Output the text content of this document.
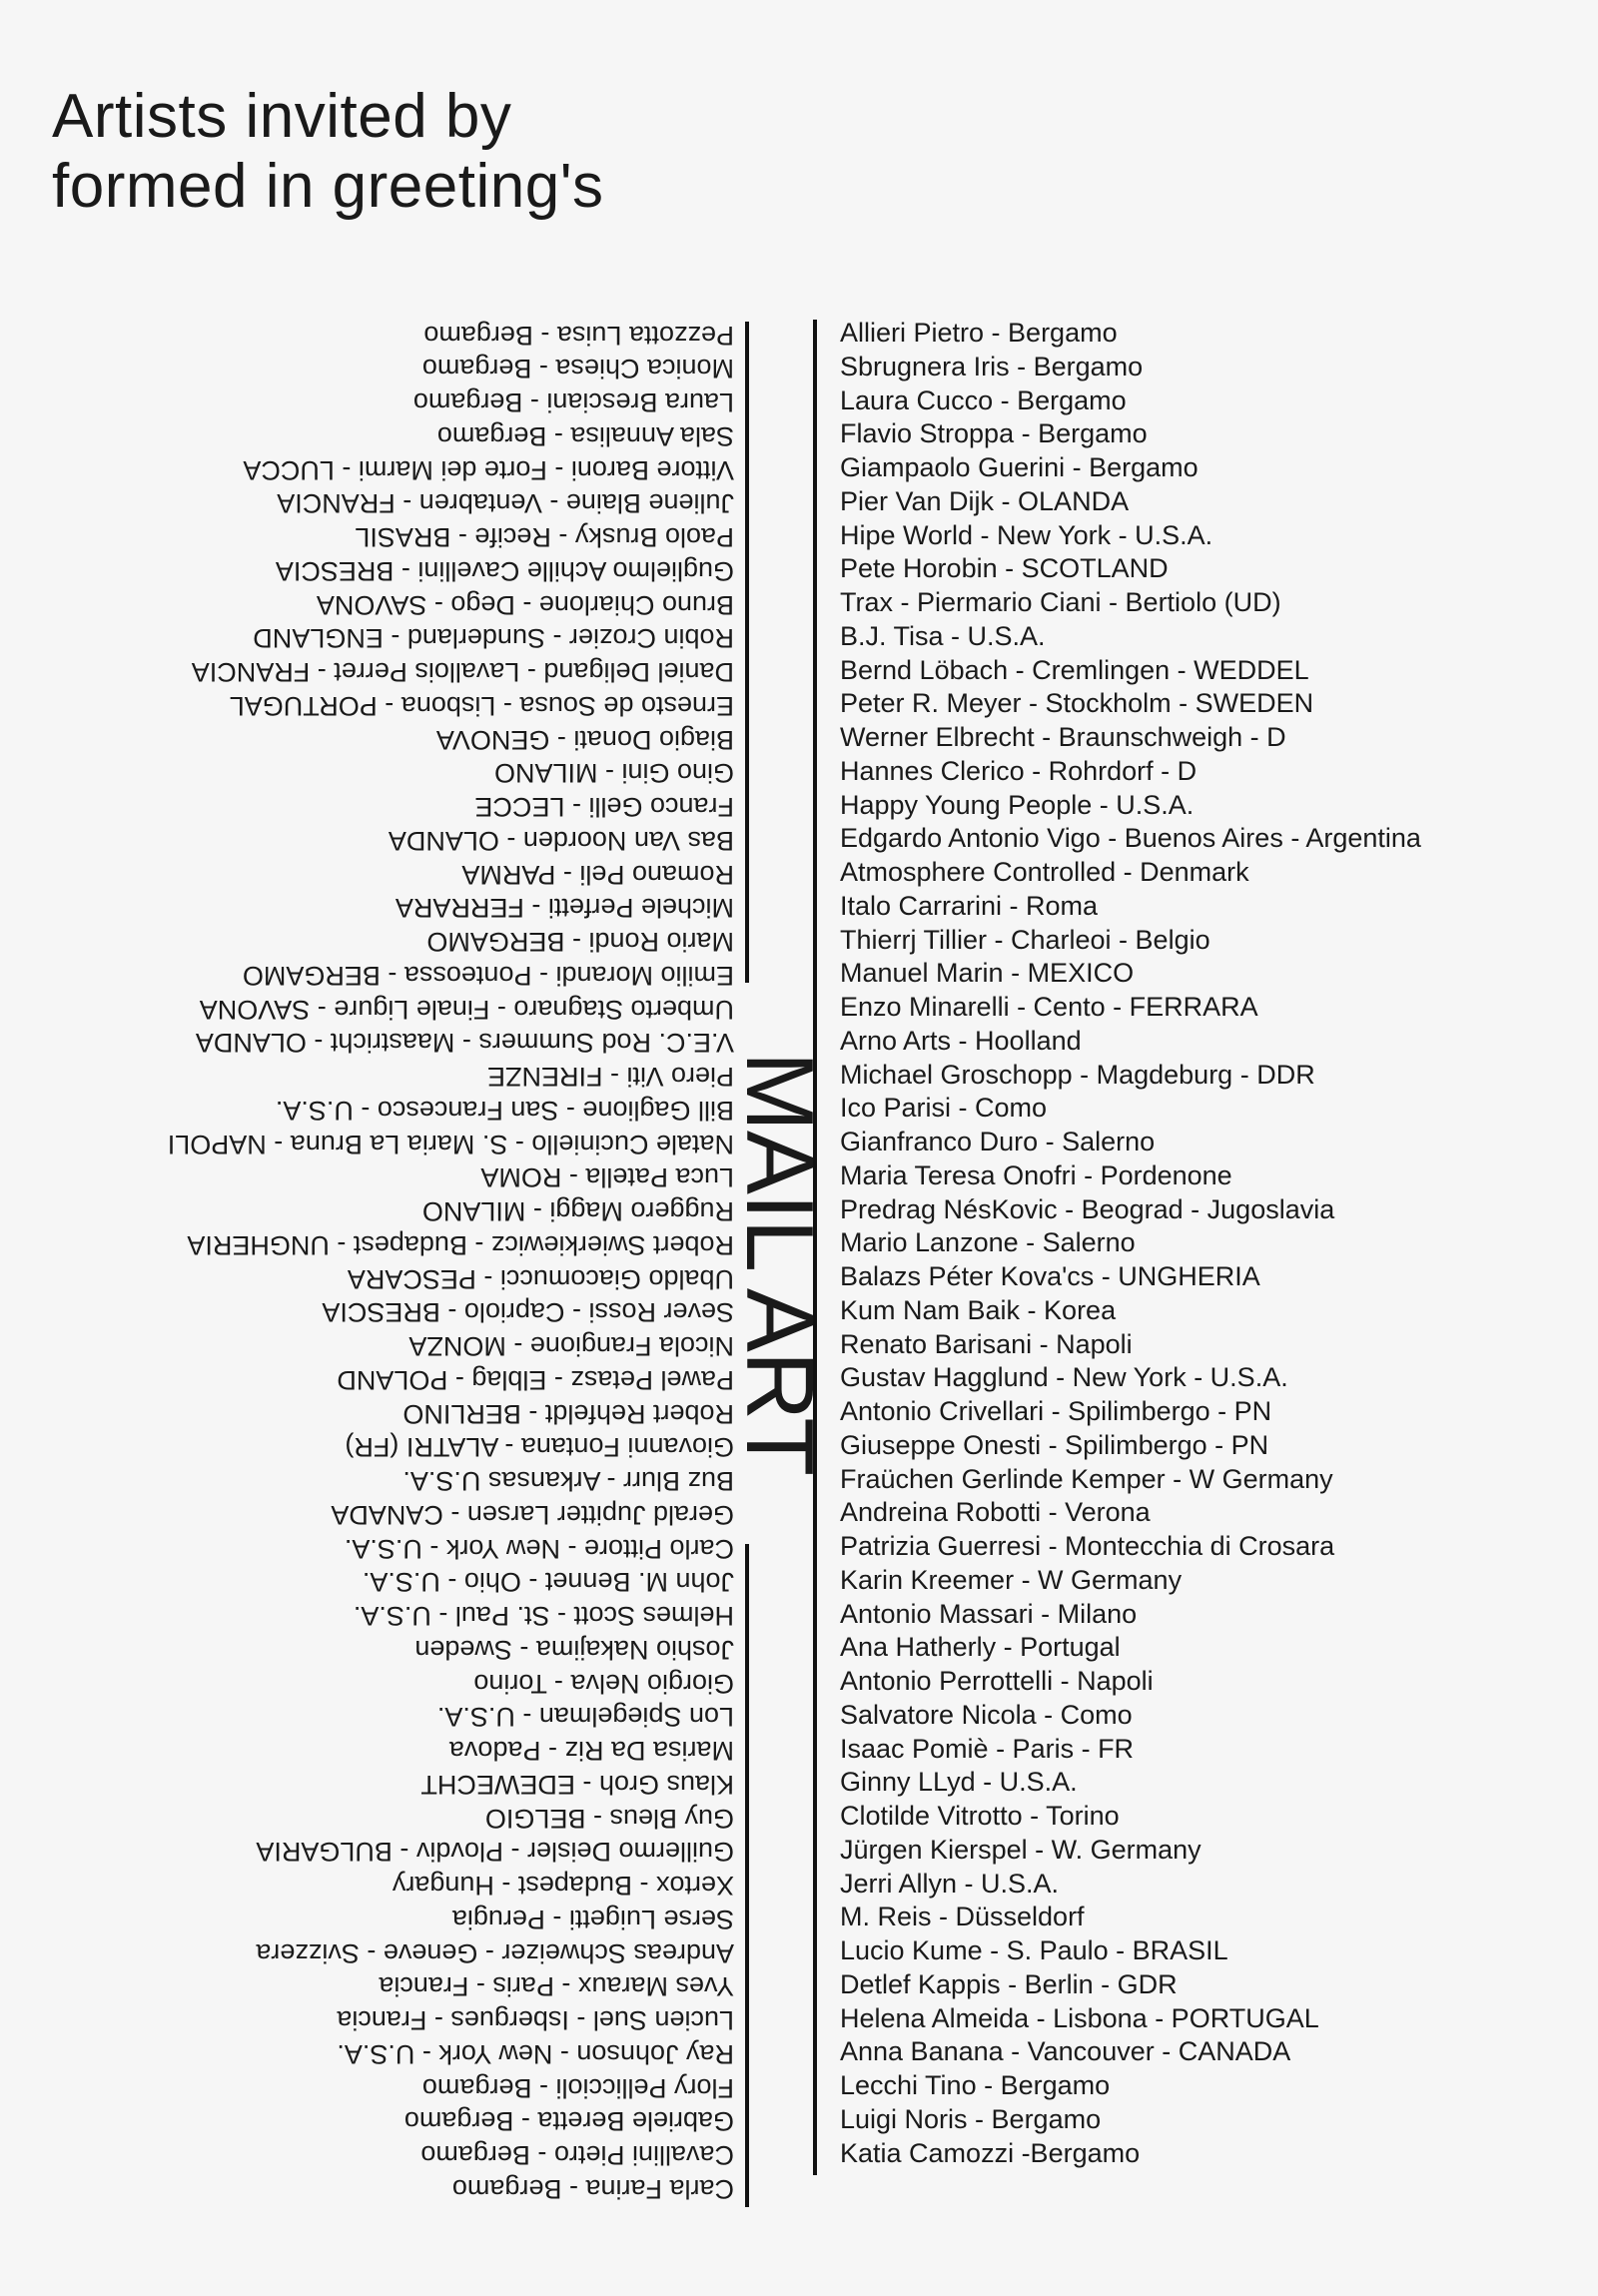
Artists invited by
formed in greeting's
Carla Farina - Bergamo
Cavallini Pietro - Bergamo
Gabriele Beretta - Bergamo
Flory Pelliccioli - Bergamo
Ray Johnson - New York - U.S.A.
Lucien Suel - Isbergues - Francia
Yves Maraux - Paris - Francia
Andreas Schweizer - Geneve - Svizzera
Serse Luigetti - Perugia
Xertox - Budapest - Hungary
Guillermo Deisler - Plovdiv - BULGARIA
Guy Bleus - BELGIO
Klaus Groh - EDEWECHT
Marisa Da Riz - Padova
Lon Spiegelman - U.S.A.
Giorgio Nelva - Torino
Joshio Nakajima - Sweden
Helmes Scott - St. Paul - U.S.A.
John M. Bennet - Ohio - U.S.A.
Carlo Pittore - New York - U.S.A.
Gerald Jupitter Larsen - CANADA
Buz Blurr - Arkansas U.S.A.
Giovanni Fontana - ALATRI (FR)
Robert Rehfeldt - BERLINO
Pawel Petasz - Elblag - POLAND
Nicola Frangione - MONZA
Sever Rossi - Capriolo - BRESCIA
Ubaldo Giacomucci - PESCARA
Robert Swierkiewicz - Budapest - UNGHERIA
Ruggero Maggi - MILANO
Luca Patella - ROMA
Natale Cuciniello - S. Maria La Bruna - NAPOLI
Bill Gaglione - San Francesco - U.S.A.
Piero Viti - FIRENZE
V.E.C. Rod Summers - Maastricht - OLANDA
Umberto Stagnaro - Finale Ligure - SAVONA
Emilio Morandi - Ponteossa - BERGAMO
Mario Rondi - BERGAMO
Michele Perfetti - FERRARA
Romano Peli - PARMA
Bas Van Noorden - OLANDA
Franco Gelli - LECCE
Gino Gini - MILANO
Biagio Donati - GENOVA
Ernesto de Sousa - Lisbona - PORTUGAL
Daniel Deligand - Lavallois Perret - FRANCIA
Robin Crozier - Sunderland - ENGLAND
Bruno Chiarlone - Dego - SAVONA
Guglielmo Achille Cavellini - BRESCIA
Paolo Brusky - Recife - BRASIL
Juliene Blaine - Ventabren - FRANCIA
Vittore Baroni - Forte dei Marmi - LUCCA
Sala Annalisa - Bergamo
Laura Bresciani - Bergamo
Monica Chiesa - Bergamo
Pezzotta Luisa - Bergamo
MAIL ART
Allieri Pietro - Bergamo
Sbrugnera Iris - Bergamo
Laura Cucco - Bergamo
Flavio Stroppa - Bergamo
Giampaolo Guerini - Bergamo
Pier Van Dijk - OLANDA
Hipe World - New York - U.S.A.
Pete Horobin - SCOTLAND
Trax - Piermario Ciani - Bertiolo (UD)
B.J. Tisa - U.S.A.
Bernd Löbach - Cremlingen - WEDDEL
Peter R. Meyer - Stockholm - SWEDEN
Werner Elbrecht - Braunschweigh - D
Hannes Clerico - Rohrdorf - D
Happy Young People - U.S.A.
Edgardo Antonio Vigo - Buenos Aires - Argentina
Atmosphere Controlled - Denmark
Italo Carrarini - Roma
Thierrj Tillier - Charleoi - Belgio
Manuel Marin - MEXICO
Enzo Minarelli - Cento - FERRARA
Arno Arts - Hoolland
Michael Groschopp - Magdeburg - DDR
Ico Parisi - Como
Gianfranco Duro - Salerno
Maria Teresa Onofri - Pordenone
Predrag NésKovic - Beograd - Jugoslavia
Mario Lanzone - Salerno
Balazs Péter Kova'cs - UNGHERIA
Kum Nam Baik - Korea
Renato Barisani - Napoli
Gustav Hagglund - New York - U.S.A.
Antonio Crivellari - Spilimbergo - PN
Giuseppe Onesti - Spilimbergo - PN
Fraüchen Gerlinde Kemper - W Germany
Andreina Robotti - Verona
Patrizia Guerresi - Montecchia di Crosara
Karin Kreemer - W Germany
Antonio Massari - Milano
Ana Hatherly - Portugal
Antonio Perrottelli - Napoli
Salvatore Nicola - Como
Isaac Pomiè - Paris - FR
Ginny LLyd - U.S.A.
Clotilde Vitrotto - Torino
Jürgen Kierspel - W. Germany
Jerri Allyn - U.S.A.
M. Reis - Düsseldorf
Lucio Kume - S. Paulo - BRASIL
Detlef Kappis - Berlin - GDR
Helena Almeida - Lisbona - PORTUGAL
Anna Banana - Vancouver - CANADA
Lecchi Tino - Bergamo
Luigi Noris - Bergamo
Katia Camozzi -Bergamo
